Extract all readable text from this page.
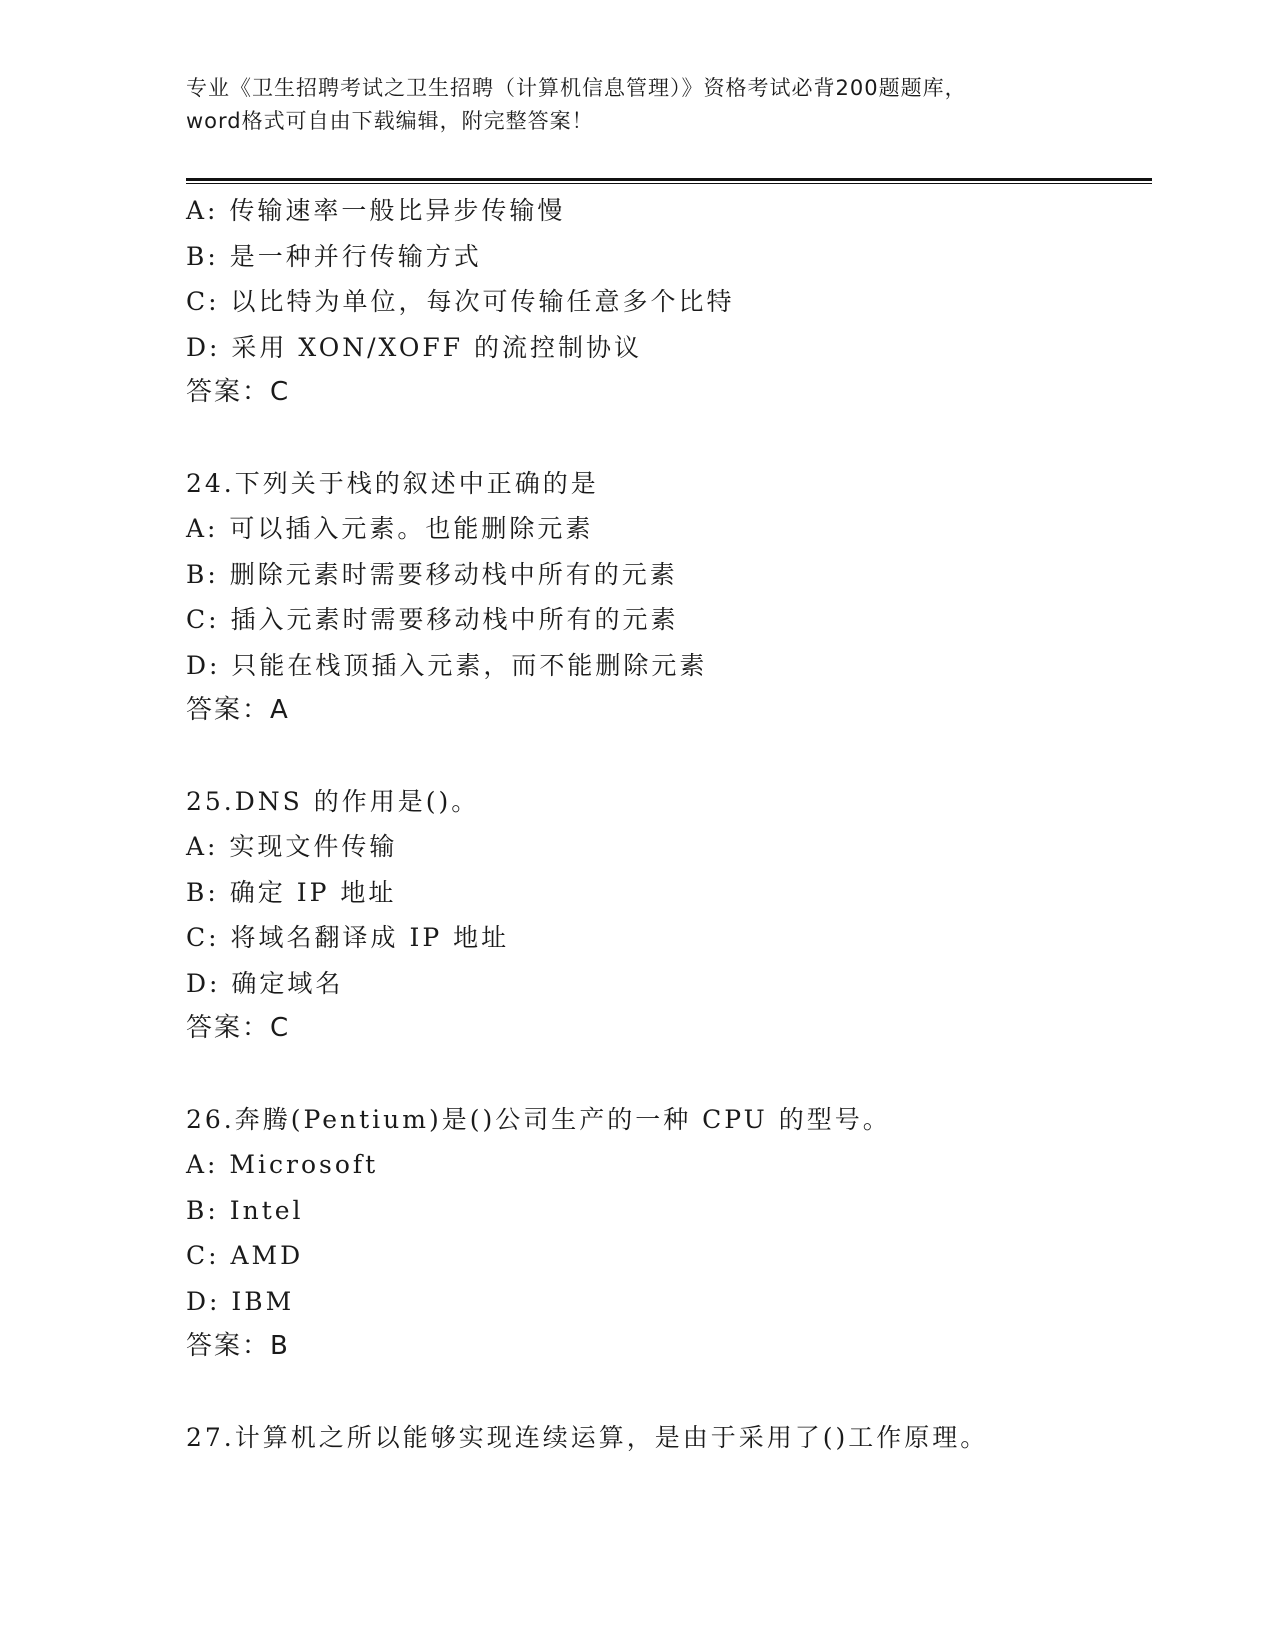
专业《卫生招聘考试之卫生招聘（计算机信息管理）》资格考试必背200题题库，
word格式可自由下载编辑，附完整答案！
A: 传输速率一般比异步传输慢
B: 是一种并行传输方式
C: 以比特为单位，每次可传输任意多个比特
D: 采用 XON/XOFF 的流控制协议
答案：C
24.下列关于栈的叙述中正确的是
A: 可以插入元素。也能删除元素
B: 删除元素时需要移动栈中所有的元素
C: 插入元素时需要移动栈中所有的元素
D: 只能在栈顶插入元素，而不能删除元素
答案：A
25.DNS 的作用是()。
A: 实现文件传输
B: 确定 IP 地址
C: 将域名翻译成 IP 地址
D: 确定域名
答案：C
26.奔腾(Pentium)是()公司生产的一种 CPU 的型号。
A: Microsoft
B: Intel
C: AMD
D: IBM
答案：B
27.计算机之所以能够实现连续运算，是由于采用了()工作原理。
